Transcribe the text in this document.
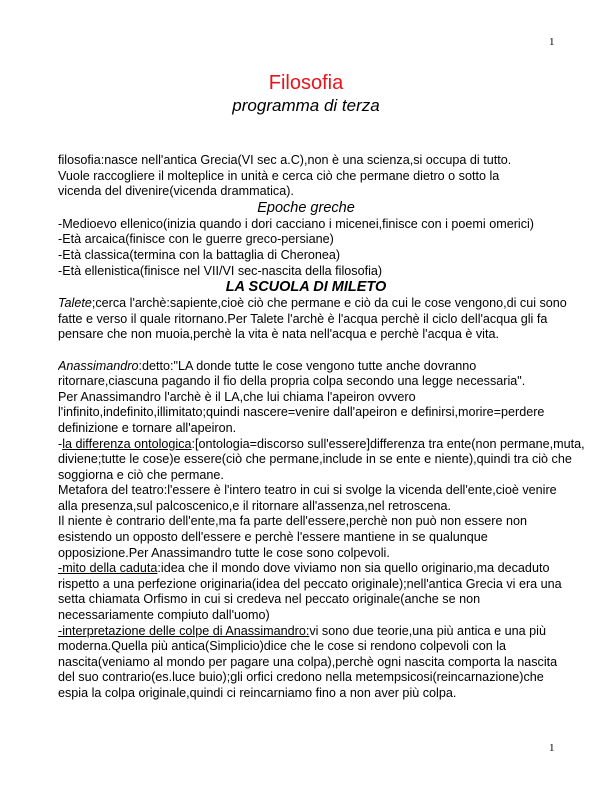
1
Filosofia
programma di terza
filosofia:nasce nell'antica Grecia(VI sec a.C),non è una scienza,si occupa di tutto.
Vuole raccogliere il molteplice in unità e cerca ciò che permane dietro o sotto la
vicenda del divenire(vicenda drammatica).
Epoche greche
-Medioevo ellenico(inizia quando i dori cacciano i micenei,finisce con i poemi omerici)
-Età arcaica(finisce con le guerre greco-persiane)
-Età classica(termina con la battaglia di Cheronea)
-Età ellenistica(finisce nel VII/VI sec-nascita della filosofia)
LA SCUOLA DI MILETO
Talete;cerca l'archè:sapiente,cioè ciò che permane e ciò da cui le cose vengono,di cui sono
fatte e verso il quale ritornano.Per Talete l'archè è l'acqua perchè il ciclo dell'acqua gli fa
pensare che non muoia,perchè la vita è nata nell'acqua e perchè l'acqua è vita.
Anassimandro:detto:"LA donde tutte le cose vengono tutte anche dovranno
ritornare,ciascuna pagando il fio della propria colpa secondo una legge necessaria".
Per Anassimandro l'archè è il LA,che lui chiama l'apeiron ovvero
l'infinito,indefinito,illimitato;quindi nascere=venire dall'apeiron e definirsi,morire=perdere
definizione e tornare all'apeiron.
-la differenza ontologica:[ontologia=discorso sull'essere]differenza tra ente(non permane,muta,
diviene;tutte le cose)e essere(ciò che permane,include in se ente e niente),quindi tra ciò che
soggiorna e ciò che permane.
Metafora del teatro:l'essere è l'intero teatro in cui si svolge la vicenda dell'ente,cioè venire
alla presenza,sul palcoscenico,e il ritornare all'assenza,nel retroscena.
Il niente è contrario dell'ente,ma fa parte dell'essere,perchè non può non essere non
esistendo un opposto dell'essere e perchè l'essere mantiene in se qualunque
opposizione.Per Anassimandro tutte le cose sono colpevoli.
-mito della caduta:idea che il mondo dove viviamo non sia quello originario,ma decaduto
rispetto a una perfezione originaria(idea del peccato originale);nell'antica Grecia vi era una
setta chiamata Orfismo in cui si credeva nel peccato originale(anche se non
necessariamente compiuto dall'uomo)
-interpretazione delle colpe di Anassimandro:vi sono due teorie,una più antica e una più
moderna.Quella più antica(Simplicio)dice che le cose si rendono colpevoli con la
nascita(veniamo al mondo per pagare una colpa),perchè ogni nascita comporta la nascita
del suo contrario(es.luce buio);gli orfici credono nella metempsicosi(reincarnazione)che
espia la colpa originale,quindi ci reincarniamo fino a non aver più colpa.
1
